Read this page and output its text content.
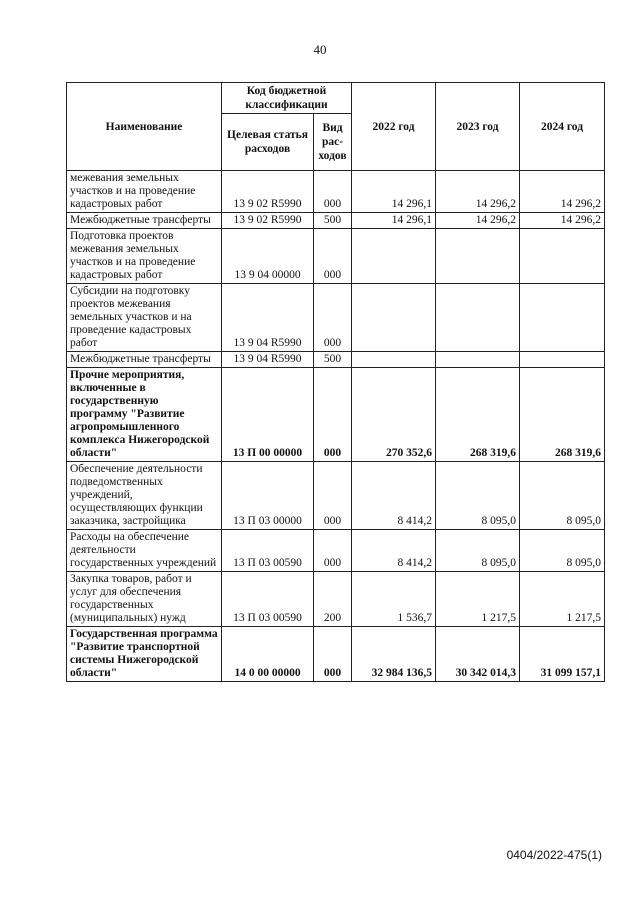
40
Наименование	Код бюджетной классификации		2022 год	2023 год	2024 год
	Целевая статья расходов	Вид рас- ходов			
межевания земельных участков и на проведение кадастровых работ	13 9 02 R5990	000	14 296,1	14 296,2	14 296,2
Межбюджетные трансферты	13 9 02 R5990	500	14 296,1	14 296,2	14 296,2
Подготовка проектов межевания земельных участков и на проведение кадастровых работ	13 9 04 00000	000			
Субсидии на подготовку проектов межевания земельных участков и на проведение кадастровых работ	13 9 04 R5990	000			
Межбюджетные трансферты	13 9 04 R5990	500			
Прочие мероприятия, включенные в государственную программу "Развитие агропромышленного комплекса Нижегородской области"	13 П 00 00000	000	270 352,6	268 319,6	268 319,6
Обеспечение деятельности подведомственных учреждений, осуществляющих функции заказчика, застройщика	13 П 03 00000	000	8 414,2	8 095,0	8 095,0
Расходы на обеспечение деятельности государственных учреждений	13 П 03 00590	000	8 414,2	8 095,0	8 095,0
Закупка товаров, работ и услуг для обеспечения государственных (муниципальных) нужд	13 П 03 00590	200	1 536,7	1 217,5	1 217,5
Государственная программа "Развитие транспортной системы Нижегородской области"	14 0 00 00000	000	32 984 136,5	30 342 014,3	31 099 157,1
0404/2022-475(1)
